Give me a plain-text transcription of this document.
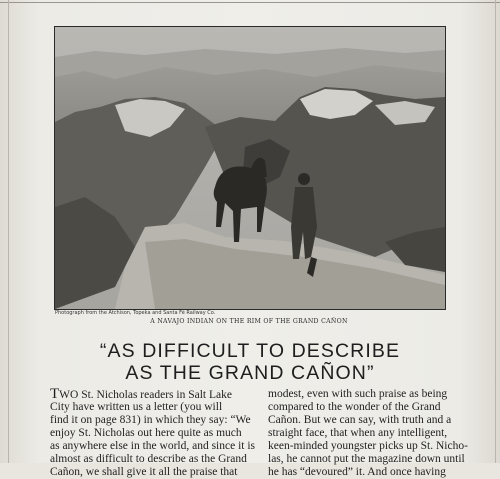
Photograph from the Atchison, Topeka and Santa Fé Railway Co.
A NAVAJO INDIAN ON THE RIM OF THE GRAND CAÑON
“AS DIFFICULT TO DESCRIBE
AS THE GRAND CAÑON”
TWO St. Nicholas readers in Salt Lake
City have written us a letter (you will
find it on page 831) in which they say: “We
enjoy St. Nicholas out here quite as much
as anywhere else in the world, and since it is
almost as difficult to describe as the Grand
Cañon, we shall give it all the praise that
modest, even with such praise as being
compared to the wonder of the Grand
Cañon. But we can say, with truth and a
straight face, that when any intelligent,
keen-minded youngster picks up St. Nicho-
las, he cannot put the magazine down until
he has “devoured” it. And once having
